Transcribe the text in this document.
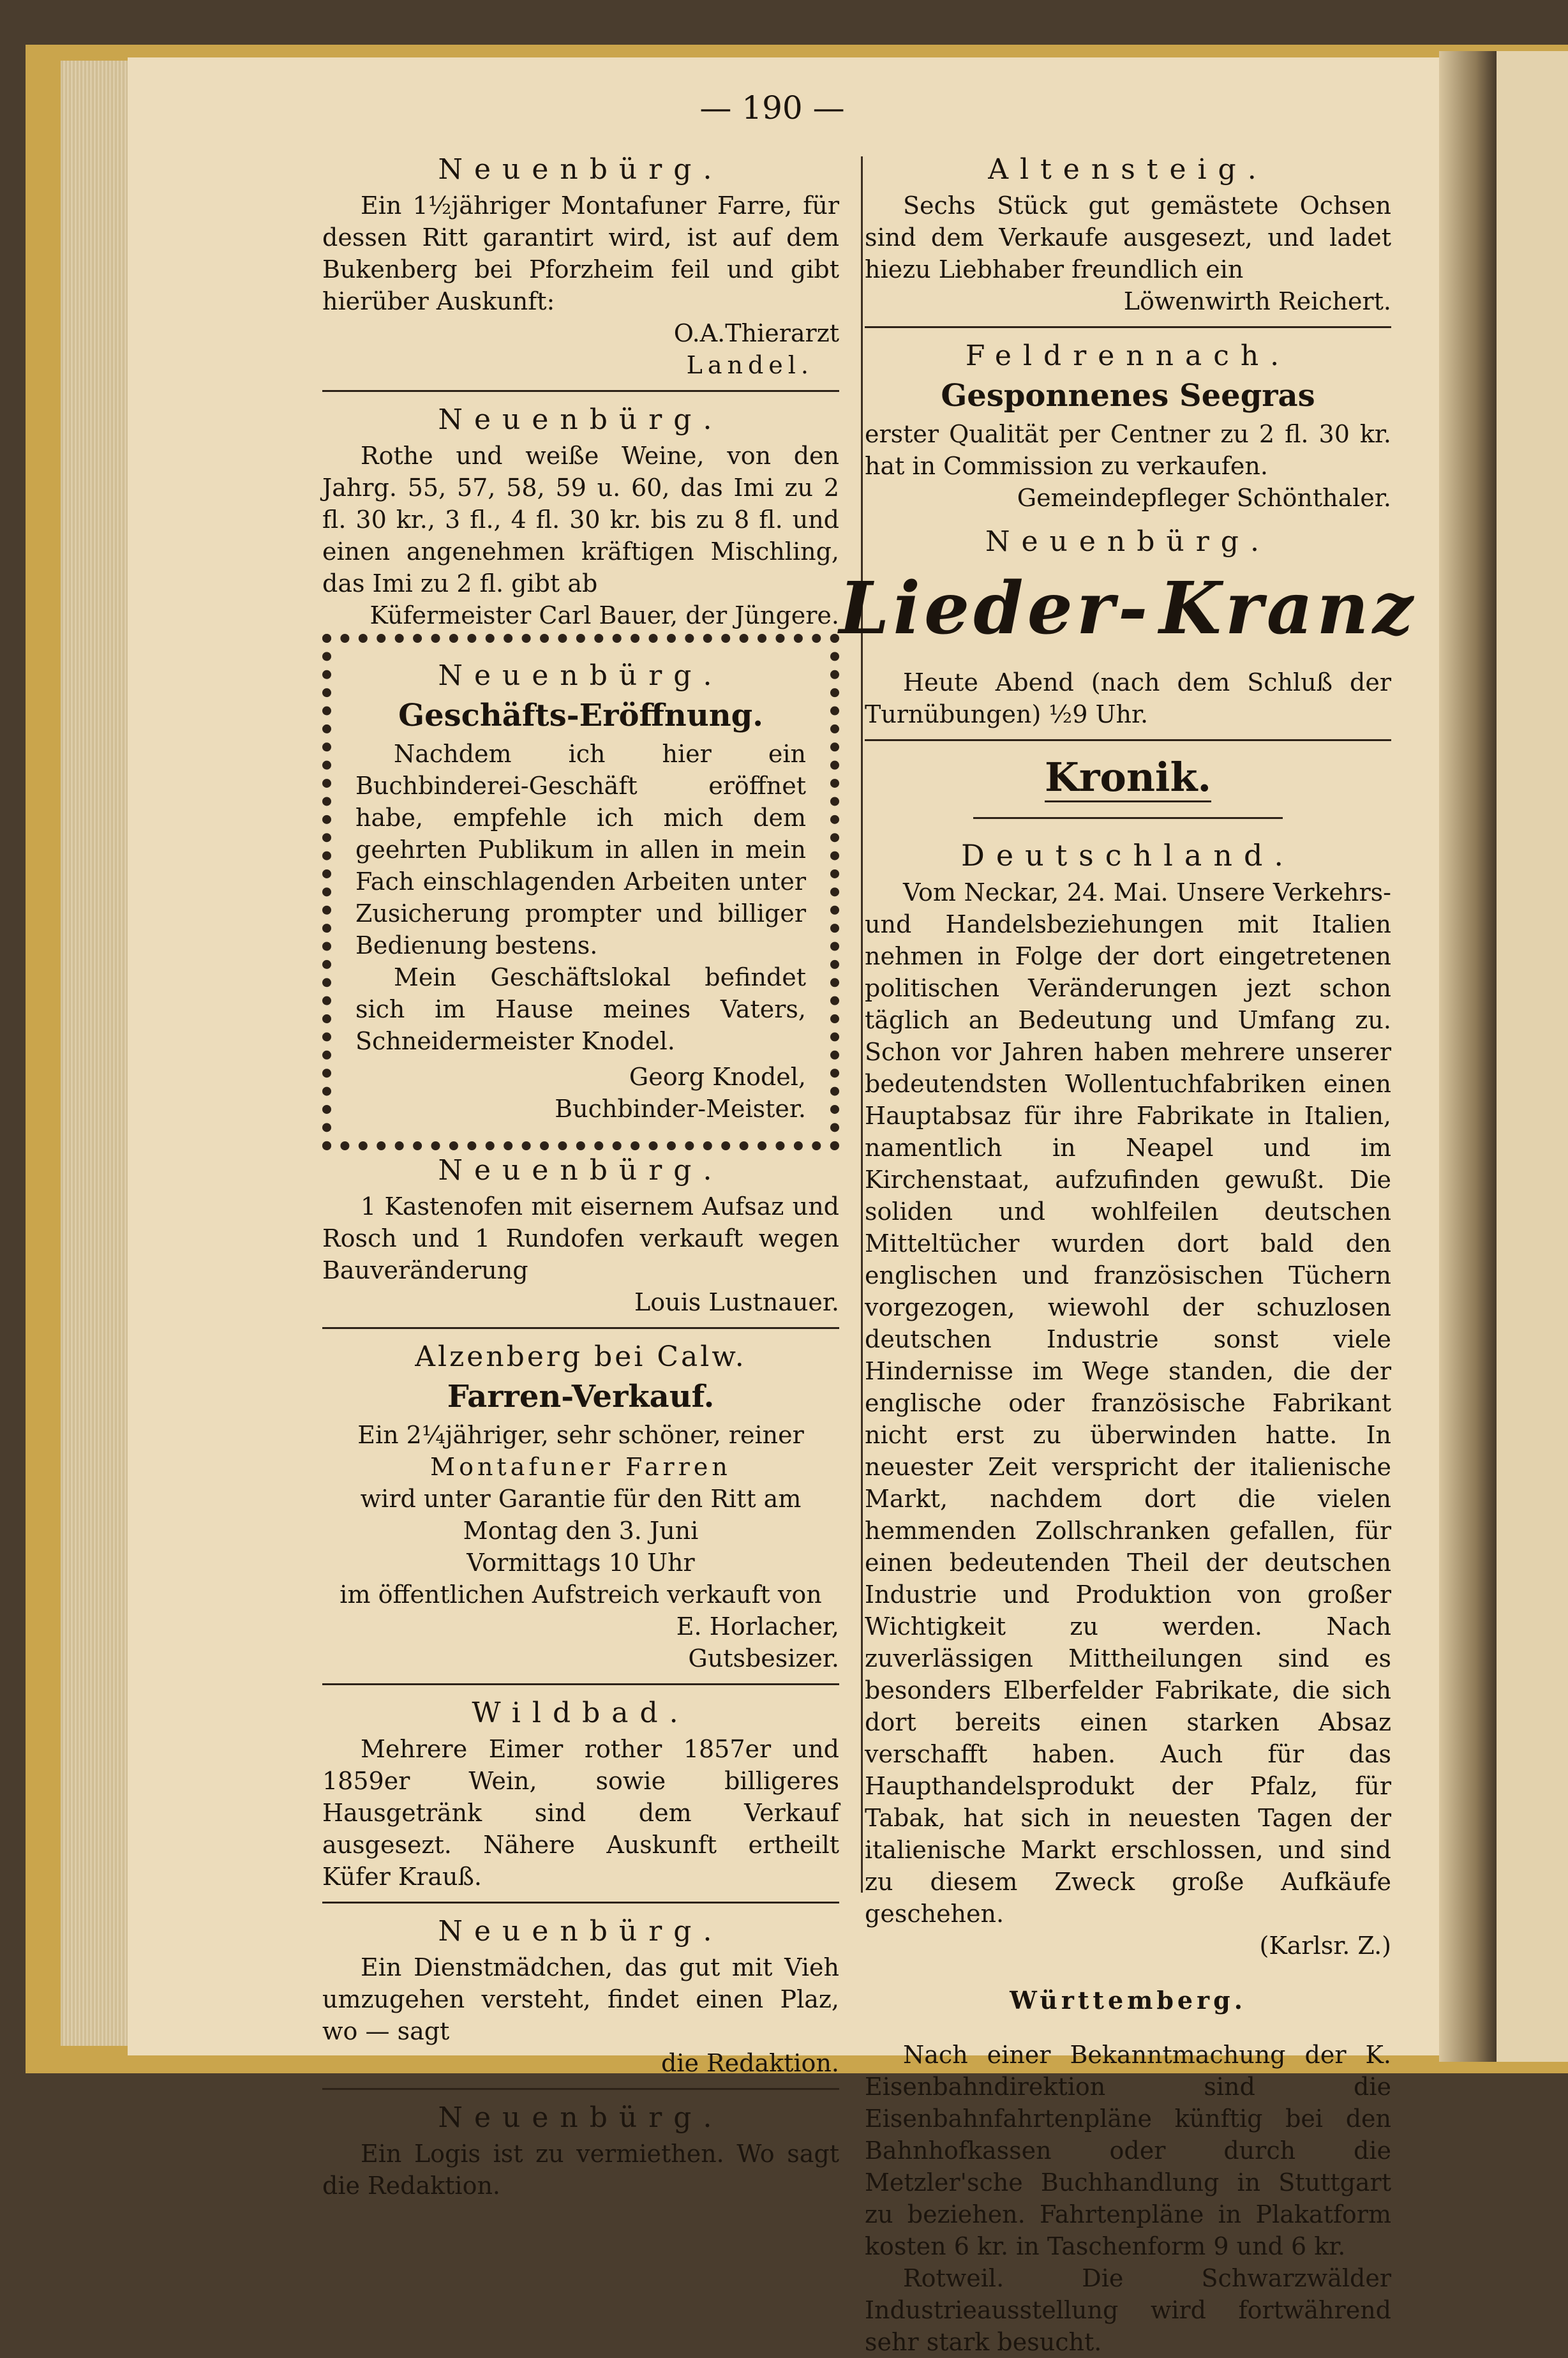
— 190 —

Neuenbürg.

Ein 1½jähriger Montafuner Farre, für dessen Ritt garantirt wird, ist auf dem Bukenberg bei Pforzheim feil und gibt hierüber Auskunft:

O.A.Thierarzt

Landel.

Neuenbürg.

Rothe und weiße Weine, von den Jahrg. 55, 57, 58, 59 u. 60, das Imi zu 2 fl. 30 kr., 3 fl., 4 fl. 30 kr. bis zu 8 fl. und einen angenehmen kräftigen Mischling, das Imi zu 2 fl. gibt ab

Küfermeister Carl Bauer, der Jüngere.

Neuenbürg.

Geschäfts-Eröffnung.

Nachdem ich hier ein Buchbinderei-Geschäft eröffnet habe, empfehle ich mich dem geehrten Publikum in allen in mein Fach einschlagenden Arbeiten unter Zusicherung prompter und billiger Bedienung bestens.

Mein Geschäftslokal befindet sich im Hause meines Vaters, Schneidermeister Knodel.

Georg Knodel,

Buchbinder-Meister.

Neuenbürg.

1 Kastenofen mit eisernem Aufsaz und Rosch und 1 Rundofen verkauft wegen Bauveränderung

Louis Lustnauer.

Alzenberg bei Calw.

Farren-Verkauf.

Ein 2¼jähriger, sehr schöner, reiner

Montafuner Farren

wird unter Garantie für den Ritt am

Montag den 3. Juni

Vormittags 10 Uhr

im öffentlichen Aufstreich verkauft von

E. Horlacher,

Gutsbesizer.

Wildbad.

Mehrere Eimer rother 1857er und 1859er Wein, sowie billigeres Hausgetränk sind dem Verkauf ausgesezt. Nähere Auskunft ertheilt Küfer Krauß.

Neuenbürg.

Ein Dienstmädchen, das gut mit Vieh umzugehen versteht, findet einen Plaz, wo — sagt

die Redaktion.

Neuenbürg.

Ein Logis ist zu vermiethen. Wo sagt die Redaktion.

Altensteig.

Sechs Stück gut gemästete Ochsen sind dem Verkaufe ausgesezt, und ladet hiezu Liebhaber freundlich ein

Löwenwirth Reichert.

Feldrennach.

Gesponnenes Seegras

erster Qualität per Centner zu 2 fl. 30 kr. hat in Commission zu verkaufen.

Gemeindepfleger Schönthaler.

Neuenbürg.

Lieder- Kranz

Heute Abend (nach dem Schluß der Turnübungen) ½9 Uhr.

Kronik.

Deutschland.

Vom Neckar, 24. Mai. Unsere Verkehrs- und Handelsbeziehungen mit Italien nehmen in Folge der dort eingetretenen politischen Veränderungen jezt schon täglich an Bedeutung und Umfang zu. Schon vor Jahren haben mehrere unserer bedeutendsten Wollentuchfabriken einen Hauptabsaz für ihre Fabrikate in Italien, namentlich in Neapel und im Kirchenstaat, aufzufinden gewußt. Die soliden und wohlfeilen deutschen Mitteltücher wurden dort bald den englischen und französischen Tüchern vorgezogen, wiewohl der schuzlosen deutschen Industrie sonst viele Hindernisse im Wege standen, die der englische oder französische Fabrikant nicht erst zu überwinden hatte. In neuester Zeit verspricht der italienische Markt, nachdem dort die vielen hemmenden Zollschranken gefallen, für einen bedeutenden Theil der deutschen Industrie und Produktion von großer Wichtigkeit zu werden. Nach zuverlässigen Mittheilungen sind es besonders Elberfelder Fabrikate, die sich dort bereits einen starken Absaz verschafft haben. Auch für das Haupthandelsprodukt der Pfalz, für Tabak, hat sich in neuesten Tagen der italienische Markt erschlossen, und sind zu diesem Zweck große Aufkäufe geschehen.

(Karlsr. Z.)

Württemberg.

Nach einer Bekanntmachung der K. Eisenbahndirektion sind die Eisenbahnfahrtenpläne künftig bei den Bahnhofkassen oder durch die Metzler'sche Buchhandlung in Stuttgart zu beziehen. Fahrtenpläne in Plakatform kosten 6 kr. in Taschenform 9 und 6 kr.

Rotweil. Die Schwarzwälder Industrieausstellung wird fortwährend sehr stark besucht.
